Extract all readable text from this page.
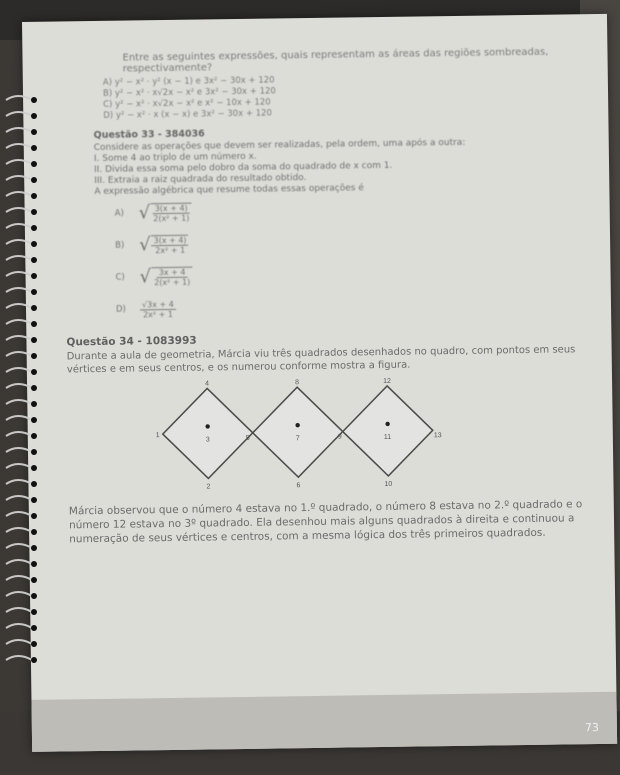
Entre as seguintes expressões, quais representam as áreas das regiões sombreadas, respectivamente?
A) y² − x² · y² (x − 1) e 3x² − 30x + 120
B) y² − x² · x√2x − x² e 3x² − 30x + 120
C) y² − x² · x√2x − x² e x² − 10x + 120
D) y² − x² · x (x − x) e 3x² − 30x + 120
Questão 33 - 384036
Considere as operações que devem ser realizadas, pela ordem, uma após a outra:
I. Some 4 ao triplo de um número x.
II. Divida essa soma pelo dobro da soma do quadrado de x com 1.
III. Extraia a raiz quadrada do resultado obtido.
A expressão algébrica que resume todas essas operações é
A) √ $\frac{3(x + 4)}{\text{2(x² + 1)}}$
B) √ $\frac{3(x + 4)}{\text{2x² + 1}}$
C) √ $\frac{3x + 4}{\text{2(x² + 1)}}$
D)	$\frac{√3x + 4}{\text{2x² + 1}}$
Questão 34 - 1083993
Durante a aula de geometria, Márcia viu três quadrados desenhados no quadro, com pontos em seus vértices e em seus centros, e os numerou conforme mostra a figura.
4	8	12
1	5	9	13
3	7	11
2	6	10
Márcia observou que o número 4 estava no 1.º quadrado, o número 8 estava no 2.º quadrado e o número 12 estava no 3º quadrado. Ela desenhou mais alguns quadrados à direita e continuou a numeração de seus vértices e centros, com a mesma lógica dos três primeiros quadrados.
73
